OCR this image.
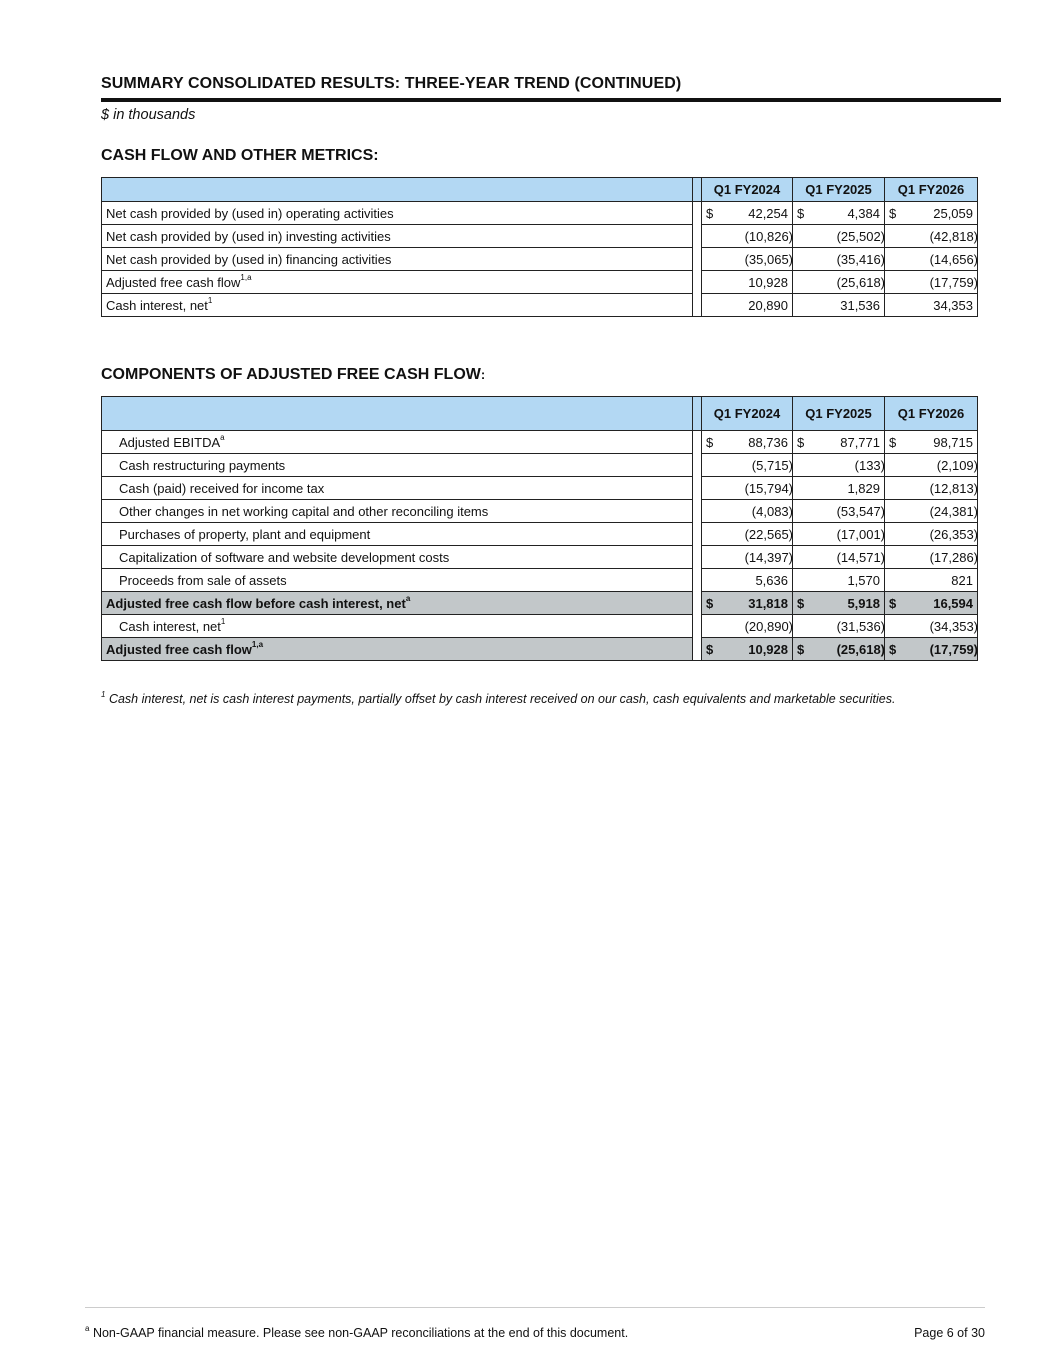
SUMMARY CONSOLIDATED RESULTS: THREE-YEAR TREND (CONTINUED)
$ in thousands
CASH FLOW AND OTHER METRICS:
		Q1 FY2024	Q1 FY2025	Q1 FY2026
Net cash provided by (used in) operating activities		$ 42,254	$ 4,384	$ 25,059

Net cash provided by (used in) investing activities		(10,826)	(25,502)	(42,818)

Net cash provided by (used in) financing activities		(35,065)	(35,416)	(14,656)

Adjusted free cash flow$^{1,a}$		10,928	(25,618)	(17,759)

Cash interest, net$^1$		20,890	31,536	34,353
COMPONENTS OF ADJUSTED FREE CASH FLOW:
		Q1 FY2024	Q1 FY2025	Q1 FY2026
Adjusted EBITDA$^a$		$ 88,736	$ 87,771	$ 98,715

Cash restructuring payments		(5,715)	(133)	(2,109)

Cash (paid) received for income tax		(15,794)	1,829	(12,813)

Other changes in net working capital and other reconciling items		(4,083)	(53,547)	(24,381)

Purchases of property, plant and equipment		(22,565)	(17,001)	(26,353)

Capitalization of software and website development costs		(14,397)	(14,571)	(17,286)

Proceeds from sale of assets		5,636	1,570	821

Adjusted free cash flow before cash interest, net$^a$		$ 31,818	$ 5,918	$ 16,594

Cash interest, net$^1$		(20,890)	(31,536)	(34,353)

Adjusted free cash flow$^{1,a}$		$ 10,928	$ (25,618)	$ (17,759)
$^1$ Cash interest, net is cash interest payments, partially offset by cash interest received on our cash, cash equivalents and marketable securities.
$^a$ Non-GAAP financial measure. Please see non-GAAP reconciliations at the end of this document.	Page 6 of 30
